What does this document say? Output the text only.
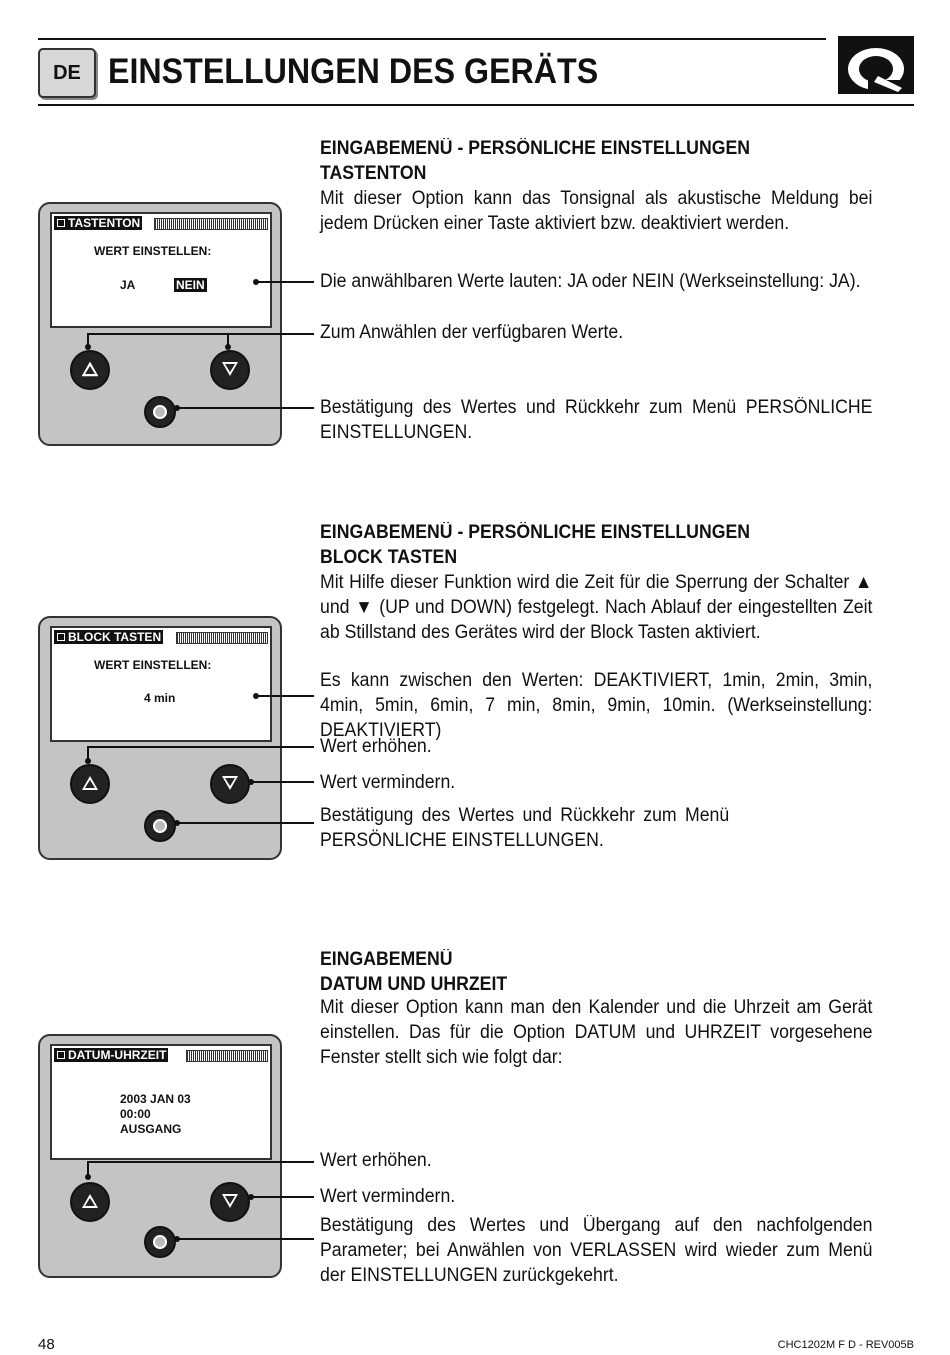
DE EINSTELLUNGEN DES GERÄTS
TASTENTON
WERT EINSTELLEN:
JA	NEIN
EINGABEMENÜ - PERSÖNLICHE EINSTELLUNGEN
TASTENTON
Mit dieser Option kann das Tonsignal als akustische Meldung bei jedem Drücken einer Taste aktiviert bzw. deaktiviert werden.
Die anwählbaren Werte lauten: JA oder NEIN (Werkseinstellung: JA).
Zum Anwählen der verfügbaren Werte.
Bestätigung des Wertes und Rückkehr zum Menü PERSÖNLICHE EINSTELLUNGEN.
BLOCK TASTEN
WERT EINSTELLEN:
4 min
EINGABEMENÜ - PERSÖNLICHE EINSTELLUNGEN
BLOCK TASTEN
Mit Hilfe dieser Funktion wird die Zeit für die Sperrung der Schalter ▲ und ▼ (UP und DOWN) festgelegt. Nach Ablauf der eingestellten Zeit ab Stillstand des Gerätes wird der Block Tasten aktiviert.
Es kann zwischen den Werten: DEAKTIVIERT, 1min, 2min, 3min, 4min, 5min, 6min, 7 min, 8min, 9min, 10min. (Werkseinstellung: DEAKTIVIERT)
Wert erhöhen.
Wert vermindern.
Bestätigung des Wertes und Rückkehr zum Menü PERSÖNLICHE EINSTELLUNGEN.
DATUM-UHRZEIT
2003 JAN 03
00:00
AUSGANG
EINGABEMENÜ
DATUM UND UHRZEIT
Mit dieser Option kann man den Kalender und die Uhrzeit am Gerät einstellen. Das für die Option DATUM und UHRZEIT vorgesehene Fenster stellt sich wie folgt dar:
Wert erhöhen.
Wert vermindern.
Bestätigung des Wertes und Übergang auf den nachfolgenden Parameter; bei Anwählen von VERLASSEN wird wieder zum Menü der EINSTELLUNGEN zurückgekehrt.
48	CHC1202M F D - REV005B
